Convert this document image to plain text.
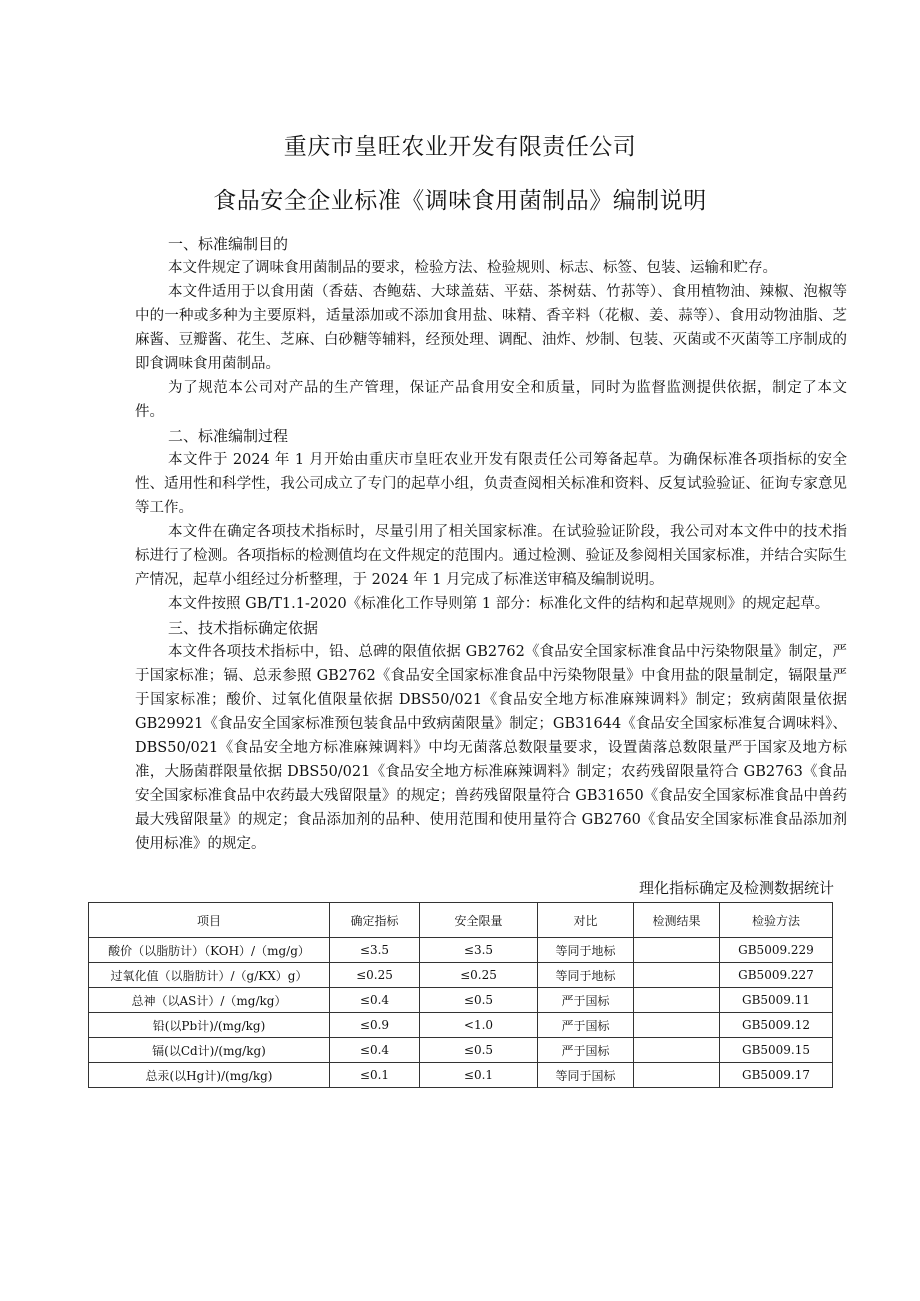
重庆市皇旺农业开发有限责任公司
食品安全企业标准《调味食用菌制品》编制说明
一、标准编制目的

本文件规定了调味食用菌制品的要求，检验方法、检验规则、标志、标签、包装、运输和贮存。

本文件适用于以食用菌（香菇、杏鲍菇、大球盖菇、平菇、茶树菇、竹荪等）、食用植物油、辣椒、泡椒等中的一种或多种为主要原料，适量添加或不添加食用盐、味精、香辛料（花椒、姜、蒜等）、食用动物油脂、芝麻酱、豆瓣酱、花生、芝麻、白砂糖等辅料，经预处理、调配、油炸、炒制、包装、灭菌或不灭菌等工序制成的即食调味食用菌制品。

为了规范本公司对产品的生产管理，保证产品食用安全和质量，同时为监督监测提供依据，制定了本文件。

二、标准编制过程

本文件于 2024 年 1 月开始由重庆市皇旺农业开发有限责任公司筹备起草。为确保标准各项指标的安全性、适用性和科学性，我公司成立了专门的起草小组，负责查阅相关标准和资料、反复试验验证、征询专家意见等工作。

本文件在确定各项技术指标时，尽量引用了相关国家标准。在试验验证阶段，我公司对本文件中的技术指标进行了检测。各项指标的检测值均在文件规定的范围内。通过检测、验证及参阅相关国家标准，并结合实际生产情况，起草小组经过分析整理，于 2024 年 1 月完成了标准送审稿及编制说明。

本文件按照 GB/T1.1-2020《标准化工作导则第 1 部分：标准化文件的结构和起草规则》的规定起草。

三、技术指标确定依据

本文件各项技术指标中，铅、总碑的限值依据 GB2762《食品安全国家标准食品中污染物限量》制定，严于国家标准；镉、总汞参照 GB2762《食品安全国家标准食品中污染物限量》中食用盐的限量制定，镉限量严于国家标准；酸价、过氧化值限量依据 DBS50/021《食品安全地方标准麻辣调料》制定；致病菌限量依据 GB29921《食品安全国家标准预包装食品中致病菌限量》制定；GB31644《食品安全国家标准复合调味料》、DBS50/021《食品安全地方标准麻辣调料》中均无菌落总数限量要求，设置菌落总数限量严于国家及地方标准，大肠菌群限量依据 DBS50/021《食品安全地方标准麻辣调料》制定；农药残留限量符合 GB2763《食品安全国家标准食品中农药最大残留限量》的规定；兽药残留限量符合 GB31650《食品安全国家标准食品中兽药最大残留限量》的规定；食品添加剂的品种、使用范围和使用量符合 GB2760《食品安全国家标准食品添加剂使用标准》的规定。

理化指标确定及检测数据统计
项目	确定指标	安全限量	对比	检测结果	检验方法
酸价（以脂肪计）（KOH）/（mg/g）	≤3.5	≤3.5	等同于地标		GB5009.229
过氧化值（以脂肪计）/（g/KX）g）	≤0.25	≤0.25	等同于地标		GB5009.227
总神（以AS计）/（mg/kg）	≤0.4	≤0.5	严于国标		GB5009.11
铅(以Pb计)/(mg/kg)	≤0.9	<1.0	严于国标		GB5009.12
镉(以Cd计)/(mg/kg)	≤0.4	≤0.5	严于国标		GB5009.15
总汞(以Hg计)/(mg/kg)	≤0.1	≤0.1	等同于国标		GB5009.17
